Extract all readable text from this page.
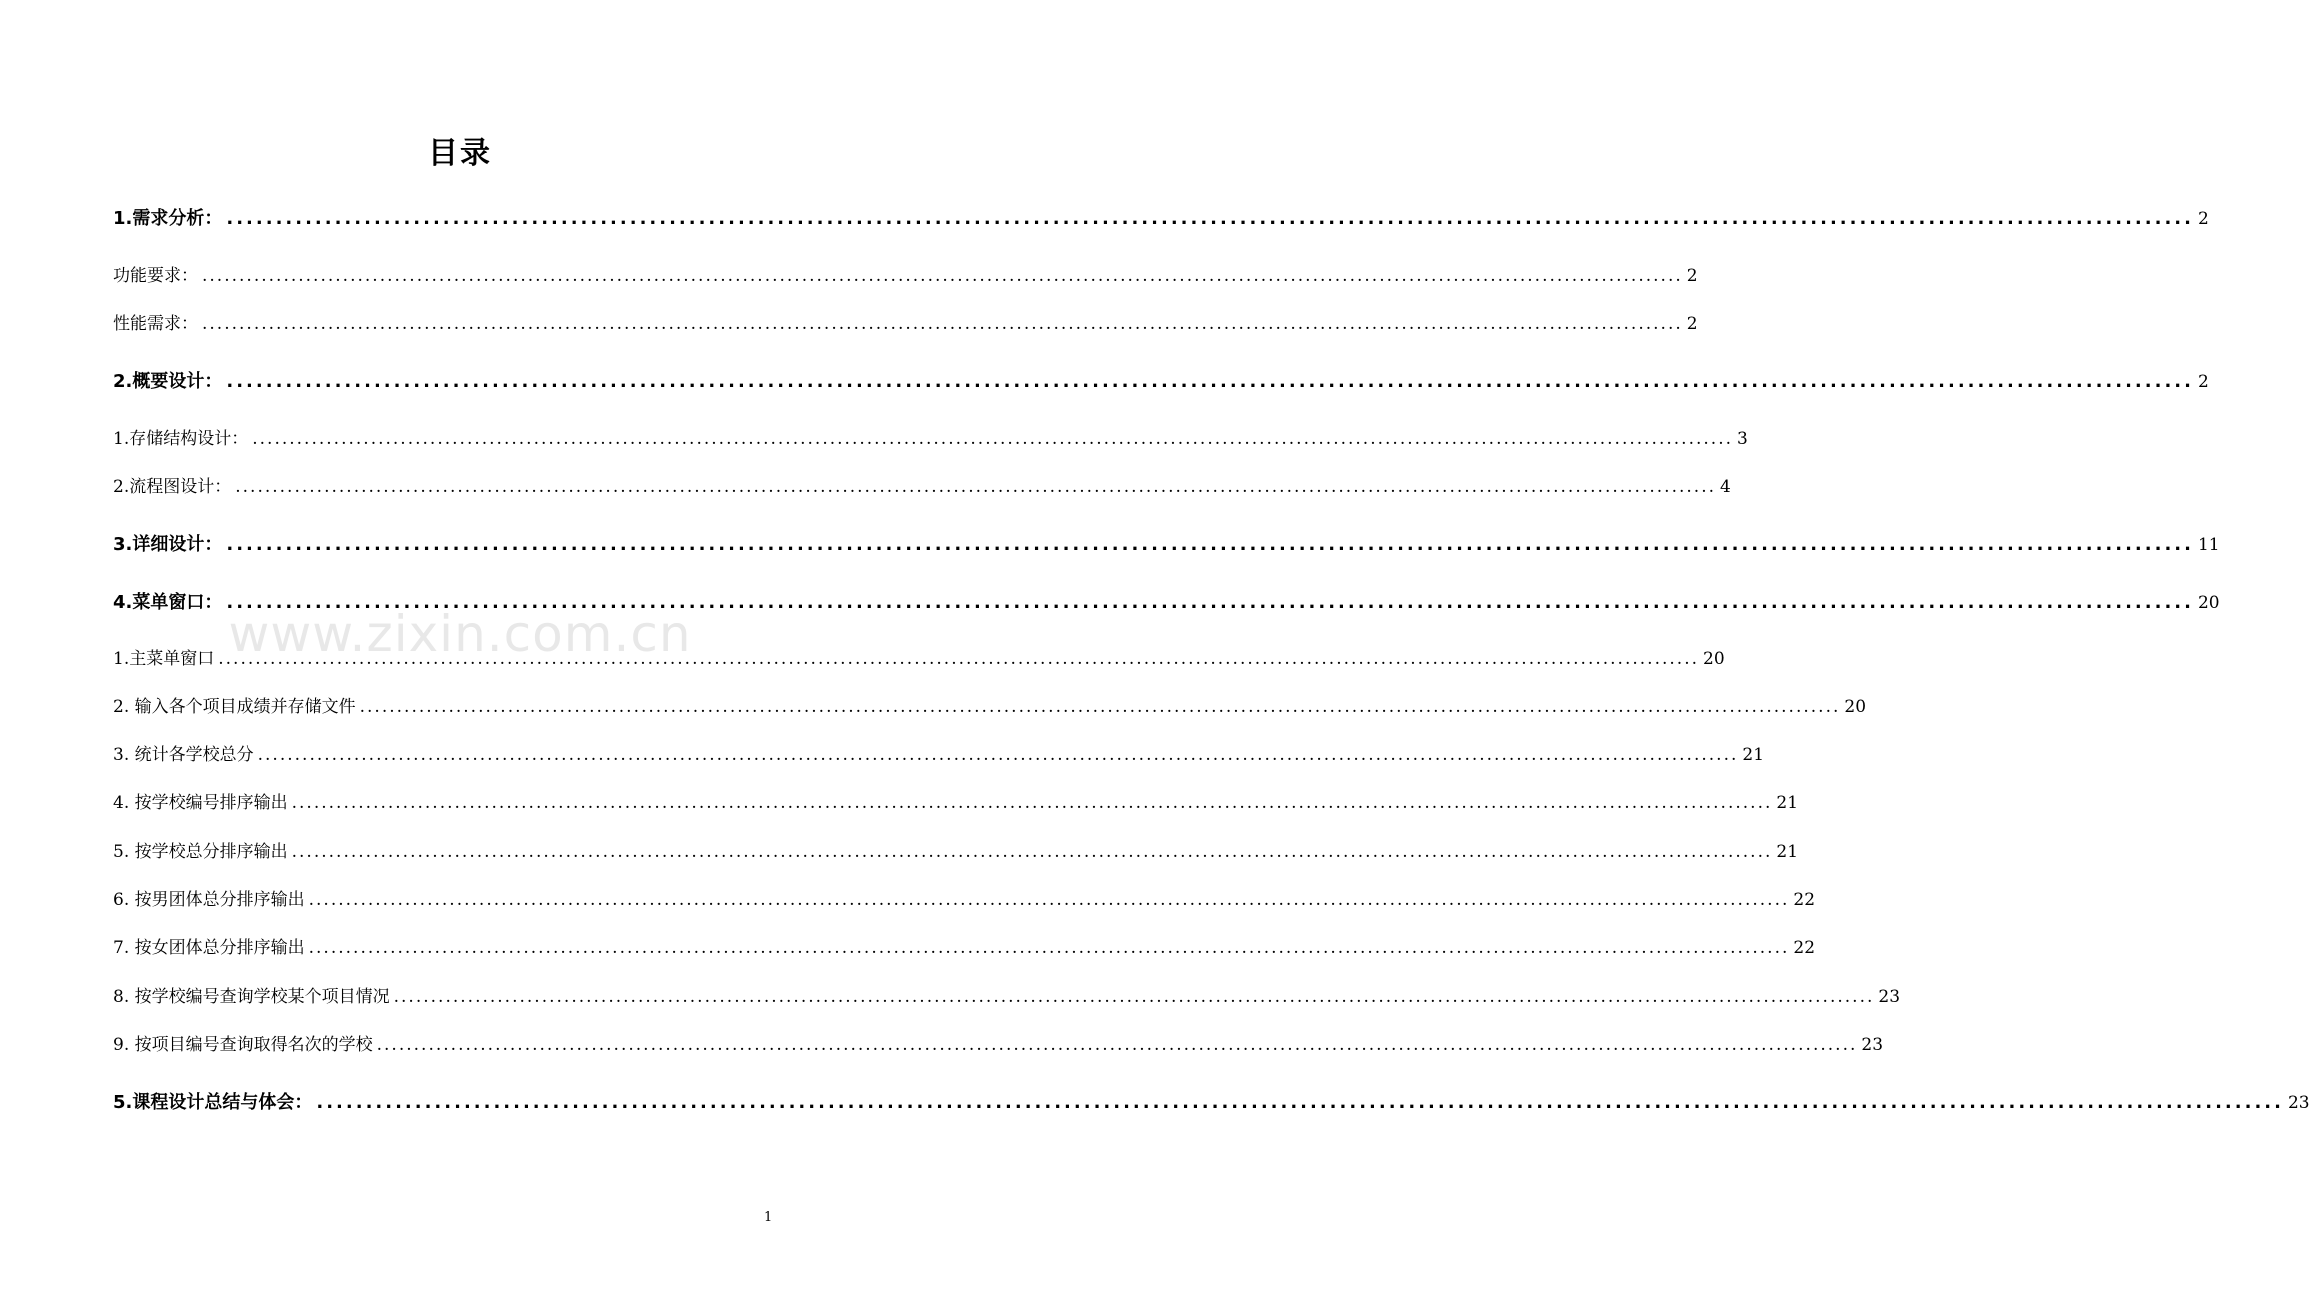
目录
1.需求分析： ........................................................................................................................................................................................................ 2
功能要求： ........................................................................................................................................................................................................ 2
性能需求： ........................................................................................................................................................................................................ 2
2.概要设计： ........................................................................................................................................................................................................ 2
1.存储结构设计： ........................................................................................................................................................................................................ 3
2.流程图设计： ........................................................................................................................................................................................................ 4
3.详细设计： ........................................................................................................................................................................................................ 11
4.菜单窗口： ........................................................................................................................................................................................................ 20
1.主菜单窗口 ........................................................................................................................................................................................................ 20
2. 输入各个项目成绩并存储文件 ........................................................................................................................................................................................................ 20
3. 统计各学校总分 ........................................................................................................................................................................................................ 21
4. 按学校编号排序输出 ........................................................................................................................................................................................................ 21
5. 按学校总分排序输出 ........................................................................................................................................................................................................ 21
6. 按男团体总分排序输出 ........................................................................................................................................................................................................ 22
7. 按女团体总分排序输出 ........................................................................................................................................................................................................ 22
8. 按学校编号查询学校某个项目情况 ........................................................................................................................................................................................................ 23
9. 按项目编号查询取得名次的学校 ........................................................................................................................................................................................................ 23
5.课程设计总结与体会： ........................................................................................................................................................................................................ 23
www.zixin.com.cn
1
